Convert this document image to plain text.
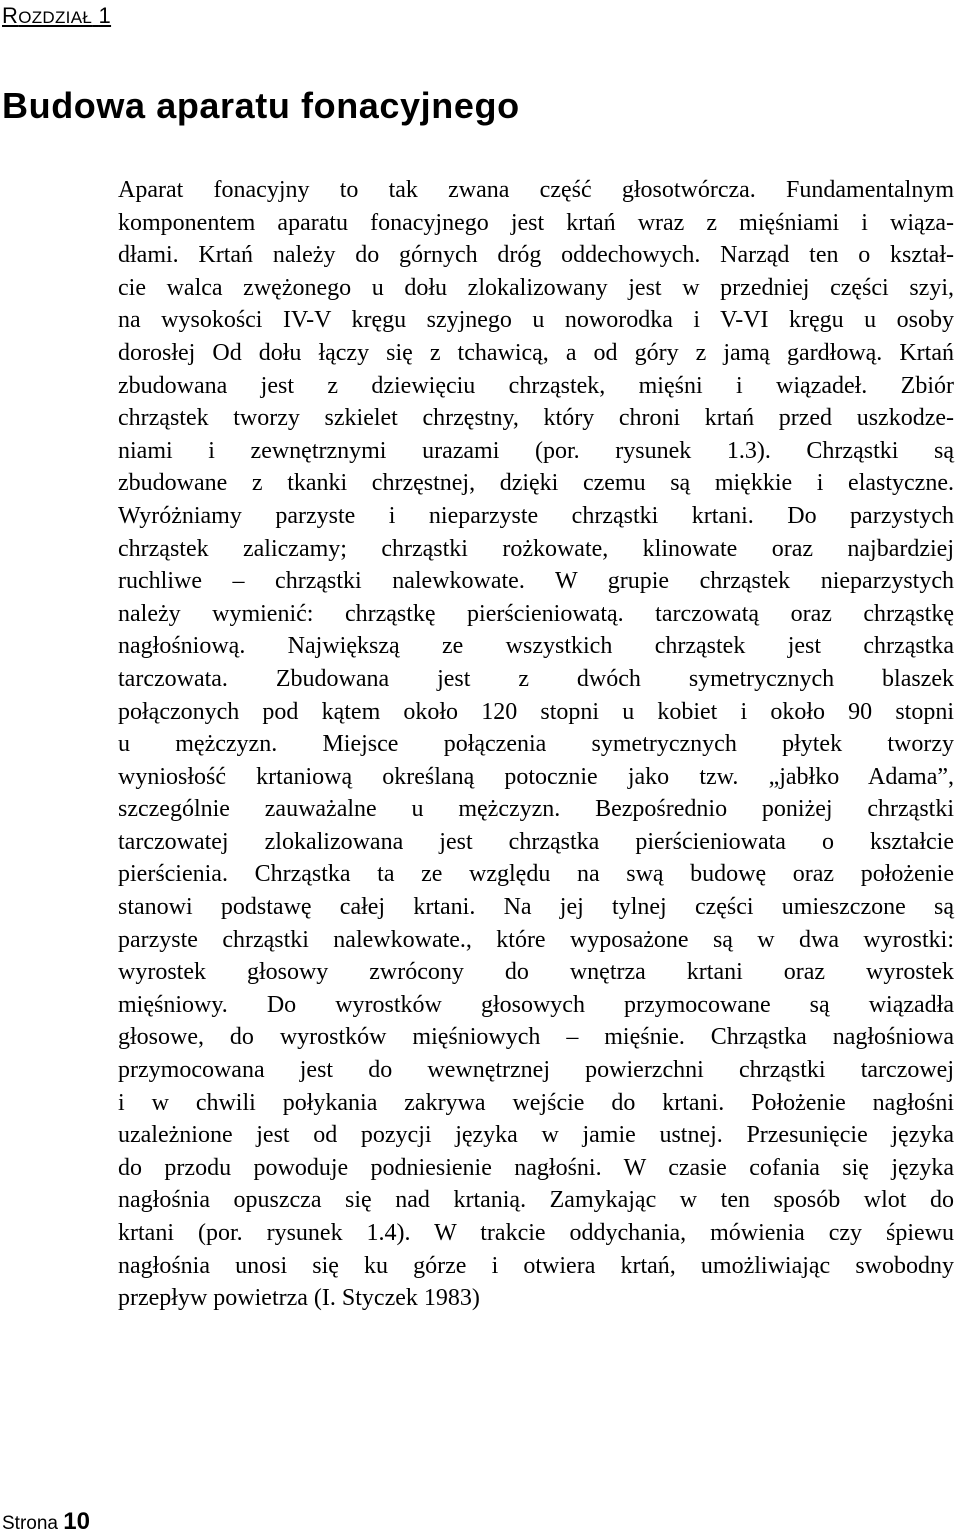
ROZDZIAŁ 1
Budowa aparatu fonacyjnego
Aparat fonacyjny to tak zwana część głosotwórcza. Fundamentalnym
komponentem aparatu fonacyjnego jest krtań wraz z mięśniami i wiąza-
dłami. Krtań należy do górnych dróg oddechowych. Narząd ten o kształ-
cie walca zwężonego u dołu zlokalizowany jest w przedniej części szyi,
na wysokości IV-V kręgu szyjnego u noworodka i V-VI kręgu u osoby
dorosłej Od dołu łączy się z tchawicą, a od góry z jamą gardłową. Krtań
zbudowana jest z dziewięciu chrząstek, mięśni i wiązadeł. Zbiór
chrząstek tworzy szkielet chrzęstny, który chroni krtań przed uszkodze-
niami i zewnętrznymi urazami (por. rysunek 1.3). Chrząstki są
zbudowane z tkanki chrzęstnej, dzięki czemu są miękkie i elastyczne.
Wyróżniamy parzyste i nieparzyste chrząstki krtani. Do parzystych
chrząstek zaliczamy; chrząstki rożkowate, klinowate oraz najbardziej
ruchliwe – chrząstki nalewkowate. W grupie chrząstek nieparzystych
należy wymienić: chrząstkę pierścieniowatą. tarczowatą oraz chrząstkę
nagłośniową. Największą ze wszystkich chrząstek jest chrząstka
tarczowata. Zbudowana jest z dwóch symetrycznych blaszek
połączonych pod kątem około 120 stopni u kobiet i około 90 stopni
u mężczyzn. Miejsce połączenia symetrycznych płytek tworzy
wyniosłość krtaniową określaną potocznie jako tzw. „jabłko Adama”,
szczególnie zauważalne u mężczyzn. Bezpośrednio poniżej chrząstki
tarczowatej zlokalizowana jest chrząstka pierścieniowata o kształcie
pierścienia. Chrząstka ta ze względu na swą budowę oraz położenie
stanowi podstawę całej krtani. Na jej tylnej części umieszczone są
parzyste chrząstki nalewkowate., które wyposażone są w dwa wyrostki:
wyrostek głosowy zwrócony do wnętrza krtani oraz wyrostek
mięśniowy. Do wyrostków głosowych przymocowane są wiązadła
głosowe, do wyrostków mięśniowych – mięśnie. Chrząstka nagłośniowa
przymocowana jest do wewnętrznej powierzchni chrząstki tarczowej
i w chwili połykania zakrywa wejście do krtani. Położenie nagłośni
uzależnione jest od pozycji języka w jamie ustnej. Przesunięcie języka
do przodu powoduje podniesienie nagłośni. W czasie cofania się języka
nagłośnia opuszcza się nad krtanią. Zamykając w ten sposób wlot do
krtani (por. rysunek 1.4). W trakcie oddychania, mówienia czy śpiewu
nagłośnia unosi się ku górze i otwiera krtań, umożliwiając swobodny
przepływ powietrza (I. Styczek 1983)
Strona 10
